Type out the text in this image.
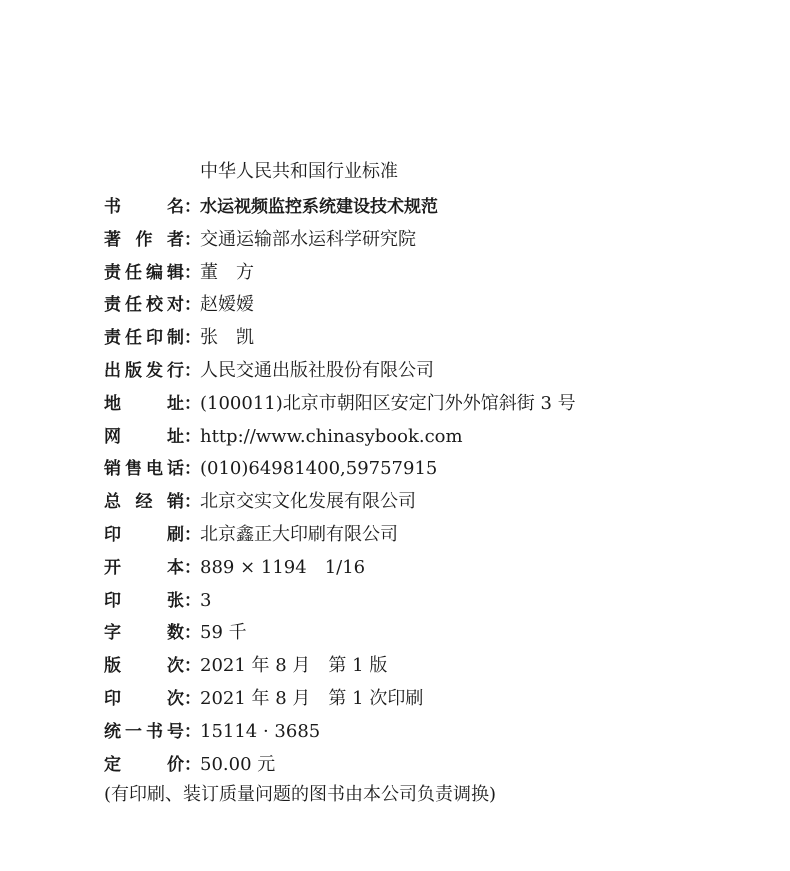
中华人民共和国行业标准
书	名 ： 水运视频监控系统建设技术规范
著 作 者 ： 交通运输部水运科学研究院
责 任 编 辑 ： 董　方
责 任 校 对 ： 赵嫒嫒
责 任 印 制 ： 张　凯
出 版 发 行 ： 人民交通出版社股份有限公司
地	址 ： (100011)北京市朝阳区安定门外外馆斜街 3 号
网	址 ： http://www.chinasybook.com
销 售 电 话 ： (010)64981400,59757915
总 经 销 ： 北京交实文化发展有限公司
印	刷 ： 北京鑫正大印刷有限公司
开	本 ： 889 × 1194　1/16
印	张 ： 3
字	数 ： 59 千
版	次 ： 2021 年 8 月　第 1 版
印	次 ： 2021 年 8 月　第 1 次印刷
统 一 书 号 ： 15114 · 3685
定	价 ： 50.00 元
(有印刷、装订质量问题的图书由本公司负责调换)
